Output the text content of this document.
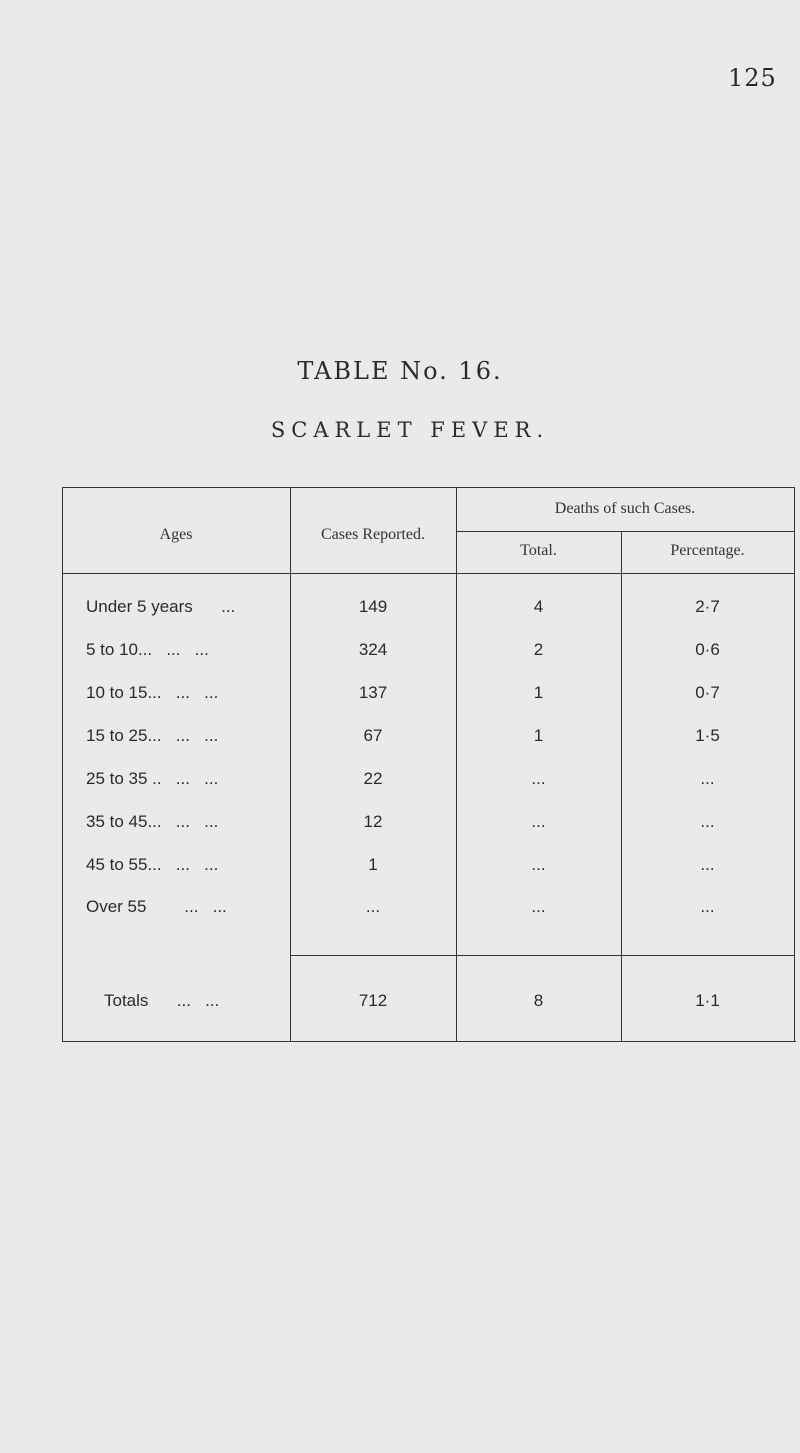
125
TABLE No. 16.
SCARLET FEVER.
Ages	Cases Reported.
Deaths of such Cases.
Total.	Percentage.
Under 5 years      ...	149	4	2·7
5 to 10...   ...   ...	324	2	0·6
10 to 15...   ...   ...	137	1	0·7
15 to 25...   ...   ...	67	1	1·5
25 to 35 ..   ...   ...	22	...	...
35 to 45...   ...   ...	12	...	...
45 to 55...   ...   ...	1	...	...
Over 55        ...   ...	...	...	...
Totals      ...   ...	712	8	1·1
